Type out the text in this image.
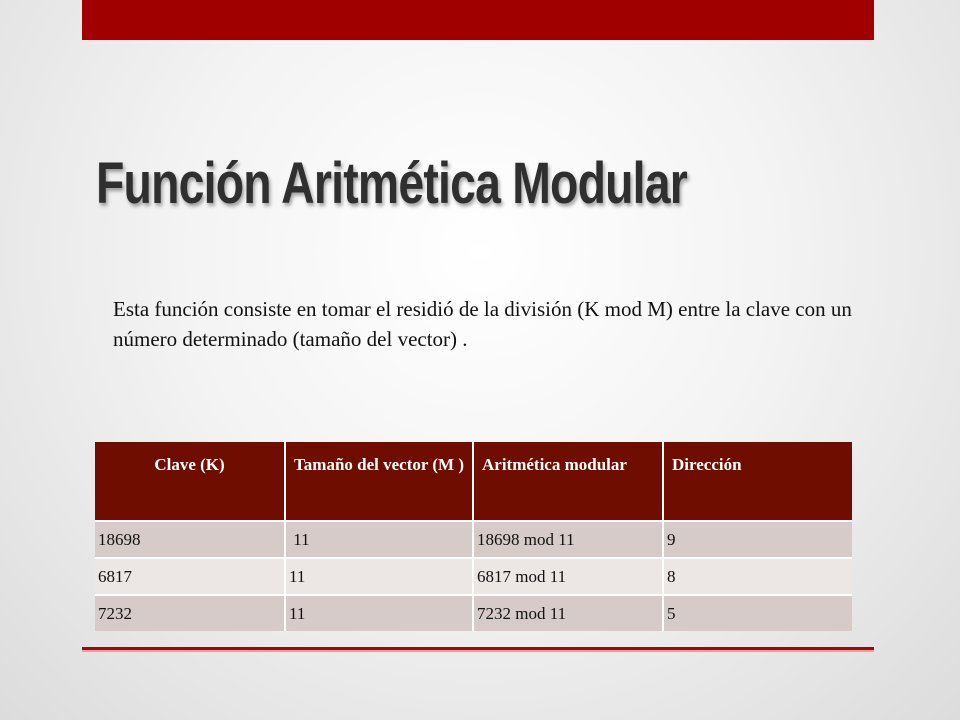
Función Aritmética Modular

Esta función consiste en tomar el residió de la división (K mod M) entre la clave con un número determinado (tamaño del vector) .

Clave (K)	Tamaño del vector (M )	Aritmética modular	Dirección
18698	11	18698 mod 11	9
6817	11	6817 mod 11	8
7232	11	7232 mod 11	5
